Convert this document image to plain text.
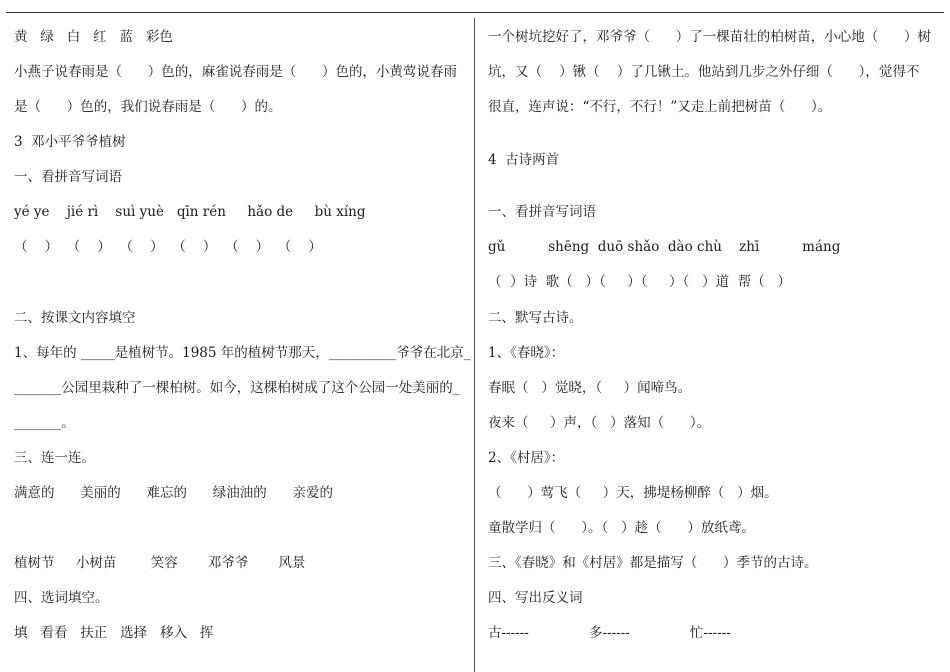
黄   绿   白   红   蓝   彩色
小燕子说春雨是（      ）色的，麻雀说春雨是（      ）色的，小黄莺说春雨
是（      ）色的，我们说春雨是（      ）的。
3  邓小平爷爷植树
一、看拼音写词语
yé ye    jié rì    suì yuè   qīn rén     hǎo de     bù xíng
（    ）  （    ）  （    ）  （    ）  （    ）  （    ）
二、按课文内容填空
1、每年的 _____是植树节。1985 年的植树节那天，__________爷爷在北京_
_______公园里栽种了一棵柏树。如今，这棵柏树成了这个公园一处美丽的_
_______。
三、连一连。
满意的      美丽的      难忘的      绿油油的      亲爱的
植树节     小树苗        笑容       邓爷爷       风景
四、选词填空。
填   看看   扶正   选择   移入   挥
一个树坑挖好了，邓爷爷（      ）了一棵苗壮的柏树苗，小心地（      ）树
坑，又（    ）锹（    ）了几锹土。他站到几步之外仔细（      ），觉得不
很直，连声说：“不行，不行！”又走上前把树苗（      ）。
4  古诗两首
一、看拼音写词语
gǔ          shēng  duō shǎo  dào chù    zhī          máng
（  ）诗  歌（   ）（     ）（     ）（   ）道  帮（   ）
二、默写古诗。
1、《春晓》：
春眠（   ）觉晓，（     ）闻啼鸟。
夜来（     ）声，（   ）落知（      ）。
2、《村居》：
（      ）莺飞（     ）天，拂堤杨柳醉（   ）烟。
童散学归（      ）。（   ）趁（      ）放纸鸢。
三、《春晓》和《村居》都是描写（      ）季节的古诗。
四、写出反义词
古------              多------              忙------
